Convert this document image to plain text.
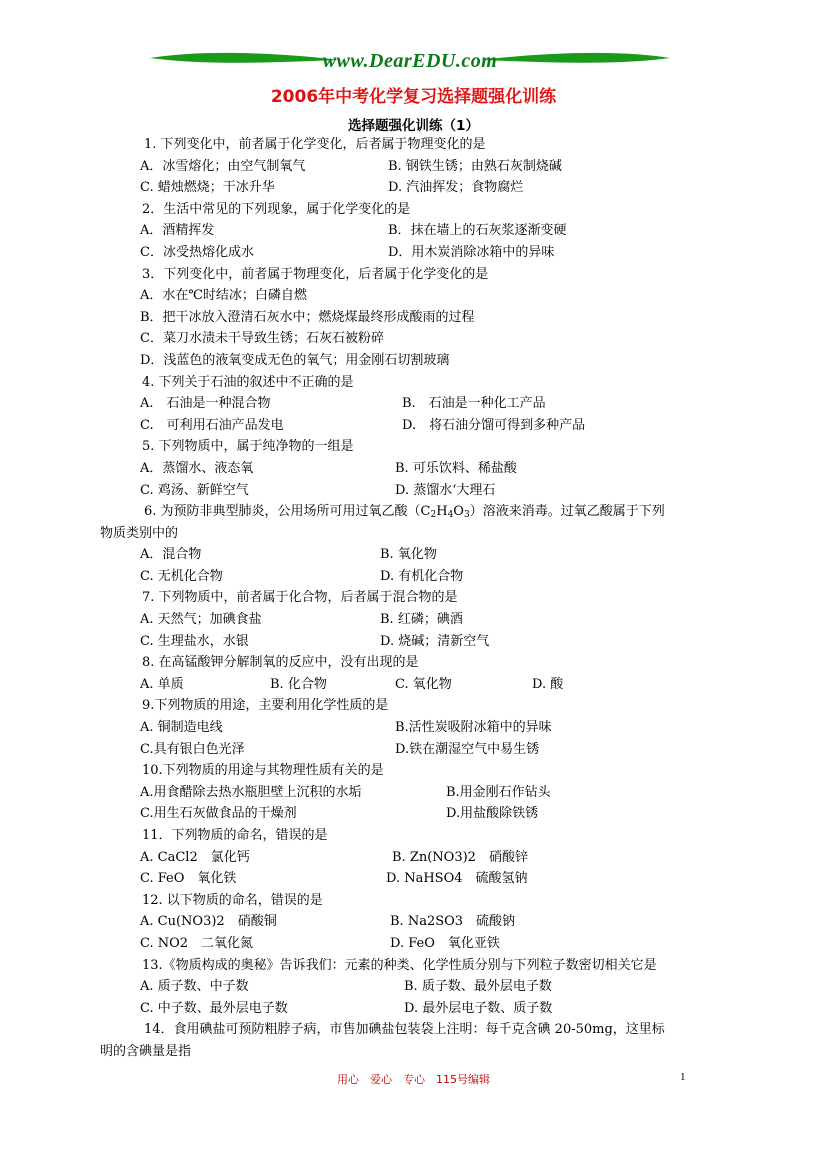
www.DearEDU.com
2006年中考化学复习选择题强化训练
选择题强化训练（1）
1. 下列变化中，前者属于化学变化，后者属于物理变化的是
A．冰雪熔化；由空气制氧气	B. 钢铁生锈；由熟石灰制烧碱
C. 蜡烛燃烧；干冰升华	D. 汽油挥发；食物腐烂
2．生活中常见的下列现象，属于化学变化的是
A．酒精挥发	B．抹在墙上的石灰浆逐渐变硬
C．冰受热熔化成水	D．用木炭消除冰箱中的异味
3．下列变化中，前者属于物理变化，后者属于化学变化的是
A．水在℃时结冰；白磷自燃
B．把干冰放入澄清石灰水中；燃烧煤最终形成酸雨的过程
C．菜刀水渍未干导致生锈；石灰石被粉碎
D．浅蓝色的液氧变成无色的氧气；用金刚石切割玻璃
4. 下列关于石油的叙述中不正确的是
A.　石油是一种混合物	B.　石油是一种化工产品
C.　可利用石油产品发电	D.　将石油分馏可得到多种产品
5. 下列物质中，属于纯净物的一组是
A．蒸馏水、液态氧	B. 可乐饮料、稀盐酸
C. 鸡汤、新鲜空气	D. 蒸馏水‘大理石
6. 为预防非典型肺炎，公用场所可用过氧乙酸$(C_2H_4O_3)$溶液来消毒。过氧乙酸属于下列
物质类别中的
A．混合物	B. 氧化物
C. 无机化合物	D. 有机化合物
7. 下列物质中，前者属于化合物，后者属于混合物的是
A. 天然气；加碘食盐	B. 红磷；碘酒
C. 生理盐水，水银	D. 烧碱；清新空气
8. 在高锰酸钾分解制氧的反应中，没有出现的是
A. 单质	B. 化合物	C. 氧化物	D. 酸
9.下列物质的用途，主要利用化学性质的是
A. 铜制造电线	B.活性炭吸附冰箱中的异味
C.具有银白色光泽	D.铁在潮湿空气中易生锈
10.下列物质的用途与其物理性质有关的是
A.用食醋除去热水瓶胆壁上沉积的水垢	B.用金刚石作钻头
C.用生石灰做食品的干燥剂	D.用盐酸除铁锈
11．下列物质的命名，错误的是
A. CaCl2　氯化钙	B. Zn(NO3)2　硝酸锌
C. FeO　氧化铁	D. NaHSO4　硫酸氢钠
12. 以下物质的命名，错误的是
A. Cu(NO3)2　硝酸铜	B. Na2SO3　硫酸钠
C. NO2　二氧化氮	D. FeO　氧化亚铁
13.《物质构成的奥秘》告诉我们：元素的种类、化学性质分别与下列粒子数密切相关它是
A. 质子数、中子数	B. 质子数、最外层电子数
C. 中子数、最外层电子数	D. 最外层电子数、质子数
14．食用碘盐可预防粗脖子病，市售加碘盐包装袋上注明：每千克含碘 20-50mg，这里标
明的含碘量是指
用心　爱心　专心　115号编辑	1
